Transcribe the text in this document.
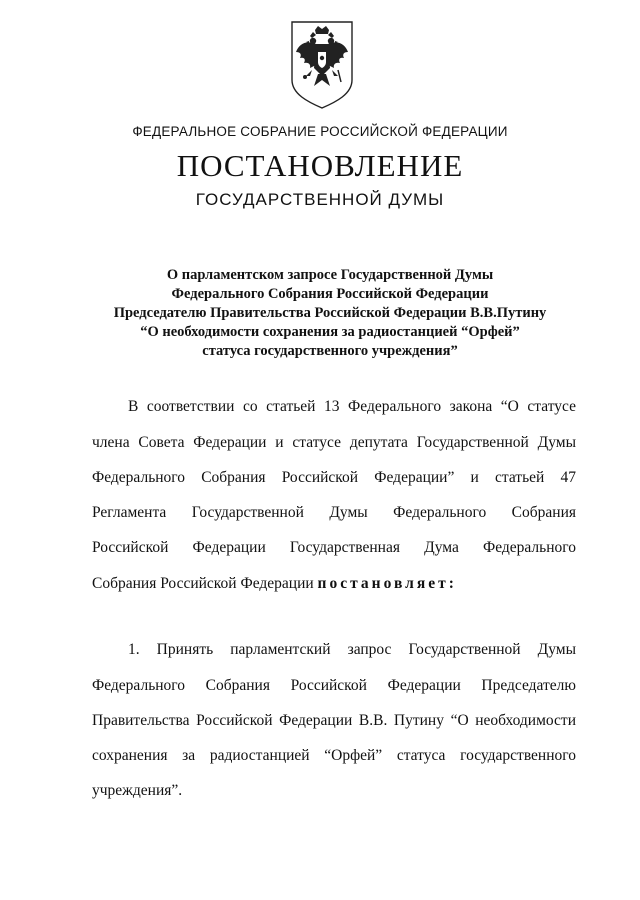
ФЕДЕРАЛЬНОЕ СОБРАНИЕ РОССИЙСКОЙ ФЕДЕРАЦИИ
ПОСТАНОВЛЕНИЕ
ГОСУДАРСТВЕННОЙ ДУМЫ
О парламентском запросе Государственной Думы
Федерального Собрания Российской Федерации
Председателю Правительства Российской Федерации В.В.Путину
“О необходимости сохранения за радиостанцией “Орфей”
статуса государственного учреждения”
В соответствии со статьей 13 Федерального закона “О статусе
члена Совета Федерации и статусе депутата Государственной Думы
Федерального Собрания Российской Федерации” и статьей 47
Регламента Государственной Думы Федерального Собрания
Российской Федерации Государственная Дума Федерального
Собрания Российской Федерации постановляет:
1. Принять парламентский запрос Государственной Думы
Федерального Собрания Российской Федерации Председателю
Правительства Российской Федерации В.В. Путину “О необходимости
сохранения за радиостанцией “Орфей” статуса государственного
учреждения”.
